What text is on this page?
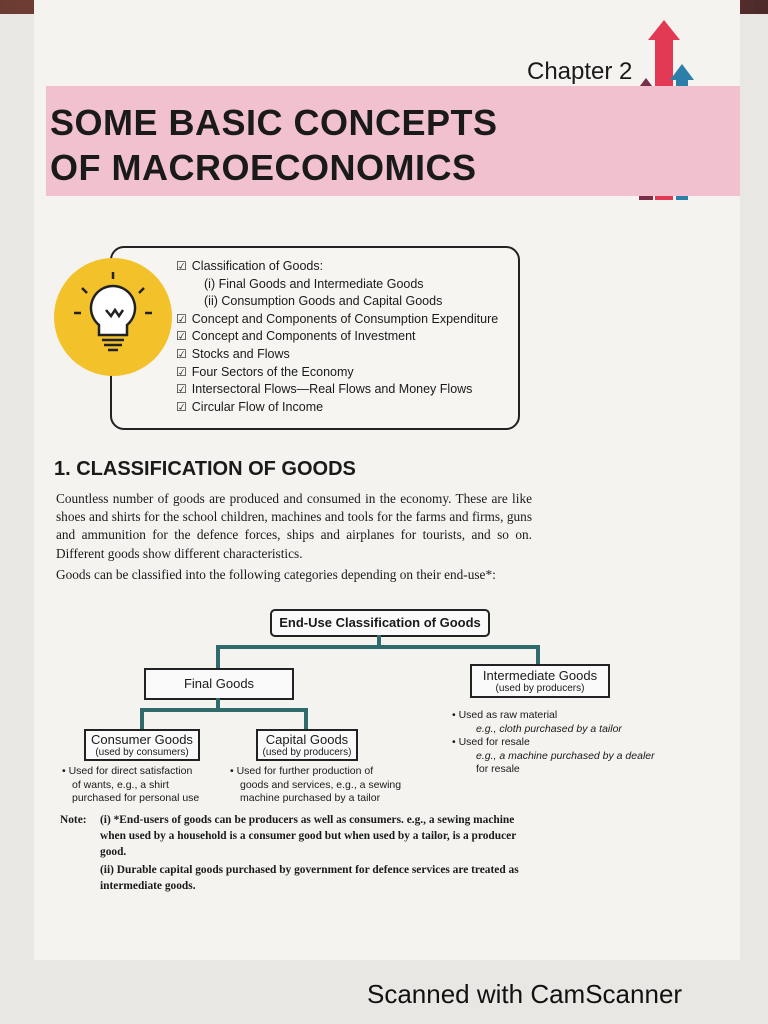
Chapter 2
SOME BASIC CONCEPTS
OF MACROECONOMICS
☑ Classification of Goods:
(i) Final Goods and Intermediate Goods
(ii) Consumption Goods and Capital Goods
☑ Concept and Components of Consumption Expenditure
☑ Concept and Components of Investment
☑ Stocks and Flows
☑ Four Sectors of the Economy
☑ Intersectoral Flows—Real Flows and Money Flows
☑ Circular Flow of Income
1. CLASSIFICATION OF GOODS
Countless number of goods are produced and consumed in the economy. These are like shoes and shirts for the school children, machines and tools for the farms and firms, guns and ammunition for the defence forces, ships and airplanes for tourists, and so on. Different goods show different characteristics.
Goods can be classified into the following categories depending on their end-use*:
End-Use Classification of Goods
Final Goods
Intermediate Goods
(used by producers)
Consumer Goods
(used by consumers)
Capital Goods
(used by producers)
• Used for direct satisfaction
of wants, e.g., a shirt
purchased for personal use
• Used for further production of
goods and services, e.g., a sewing
machine purchased by a tailor
• Used as raw material
e.g., cloth purchased by a tailor
• Used for resale
e.g., a machine purchased by a dealer
for resale
Note:	(i) *End-users of goods can be producers as well as consumers. e.g., a sewing machine when used by a household is a consumer good but when used by a tailor, is a producer good.
(ii) Durable capital goods purchased by government for defence services are treated as intermediate goods.
Scanned with CamScanner
